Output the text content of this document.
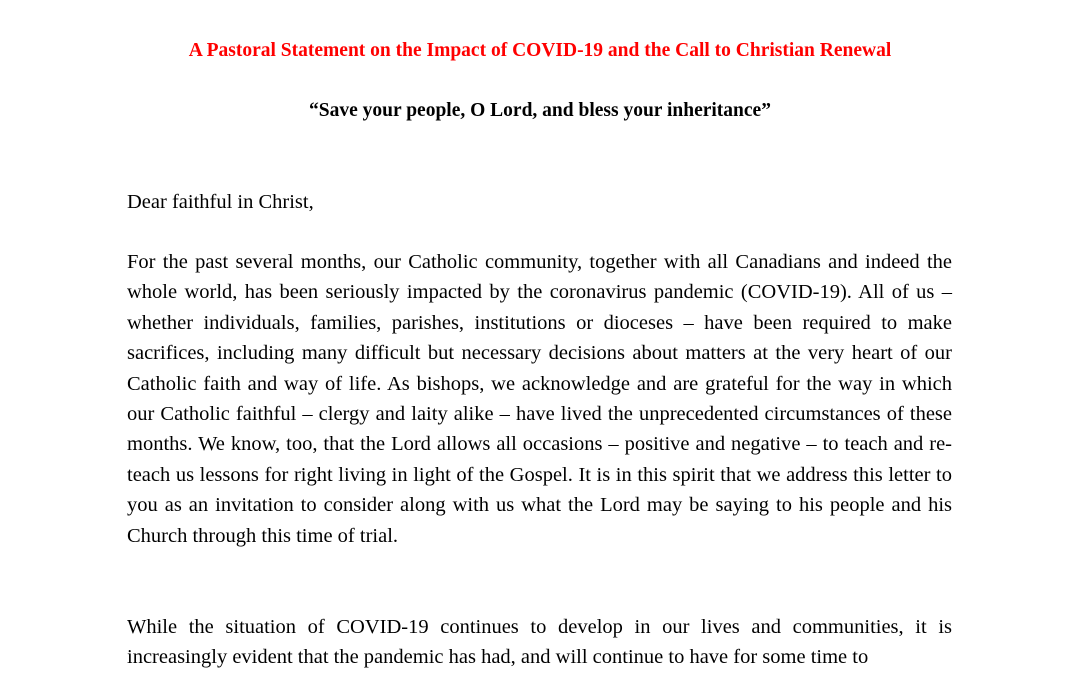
A Pastoral Statement on the Impact of COVID-19 and the Call to Christian Renewal
“Save your people, O Lord, and bless your inheritance”

Dear faithful in Christ,

For the past several months, our Catholic community, together with all Canadians and indeed the whole world, has been seriously impacted by the coronavirus pandemic (COVID-19). All of us – whether individuals, families, parishes, institutions or dioceses – have been required to make sacrifices, including many difficult but necessary decisions about matters at the very heart of our Catholic faith and way of life. As bishops, we acknowledge and are grateful for the way in which our Catholic faithful – clergy and laity alike – have lived the unprecedented circumstances of these months. We know, too, that the Lord allows all occasions – positive and negative – to teach and re-teach us lessons for right living in light of the Gospel. It is in this spirit that we address this letter to you as an invitation to consider along with us what the Lord may be saying to his people and his Church through this time of trial.

While the situation of COVID-19 continues to develop in our lives and communities, it is increasingly evident that the pandemic has had, and will continue to have for some time to
